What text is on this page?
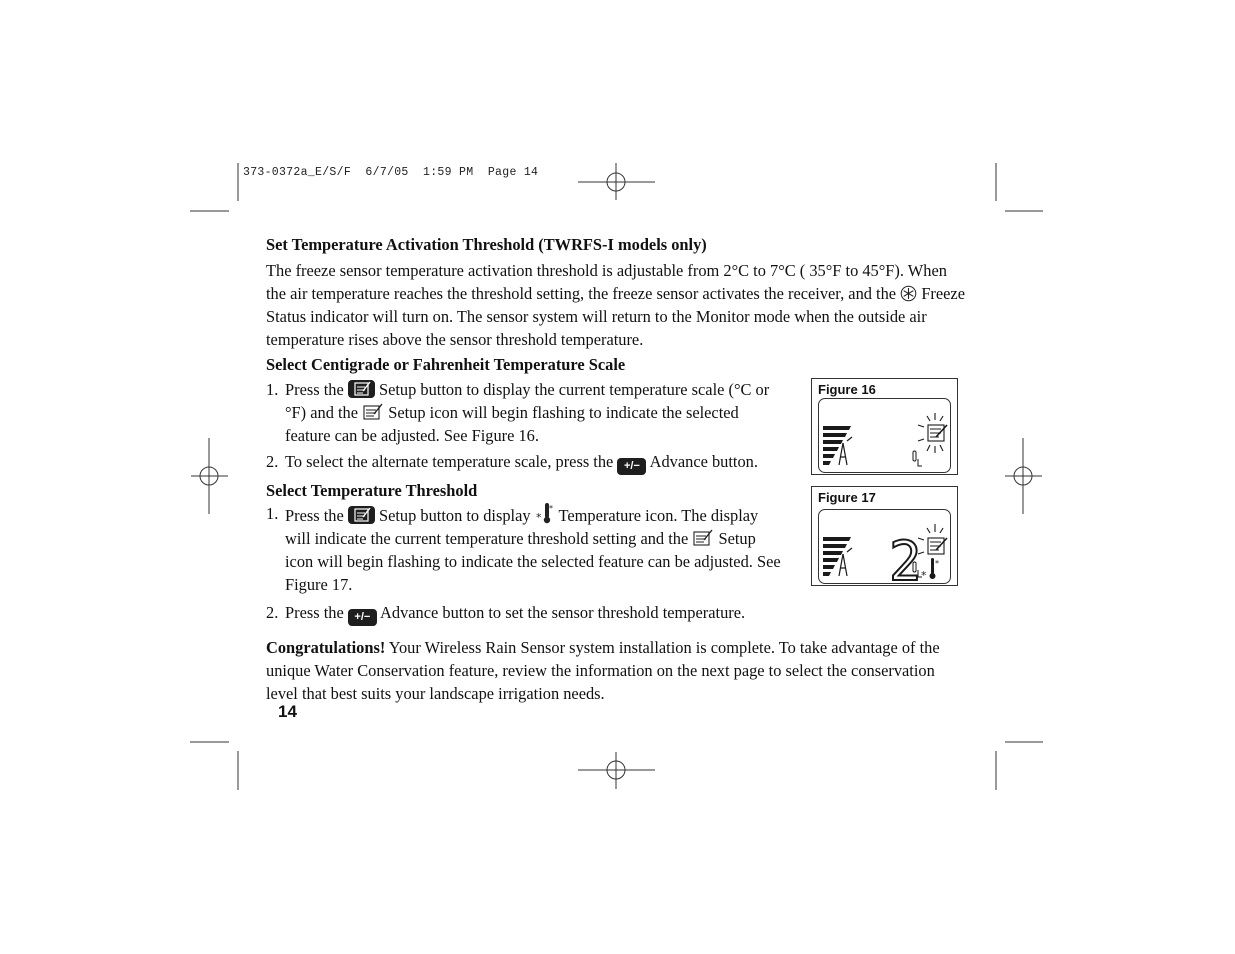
373-0372a_E/S/F  6/7/05  1:59 PM  Page 14
Set Temperature Activation Threshold (TWRFS-I models only)

The freeze sensor temperature activation threshold is adjustable from 2°C to 7°C ( 35°F to 45°F). When the air temperature reaches the threshold setting, the freeze sensor activates the receiver, and the Freeze Status indicator will turn on. The sensor system will return to the Monitor mode when the outside air temperature rises above the sensor threshold temperature.

Select Centigrade or Fahrenheit Temperature Scale
1. Press the Setup button to display the current temperature scale (°C or °F) and the Setup icon will begin flashing to indicate the selected feature can be adjusted. See Figure 16.
2. To select the alternate temperature scale, press the +/− Advance button.
Select Temperature Threshold
1. Press the Setup button to display *
* Temperature icon. The display will indicate the current temperature threshold setting and the Setup icon will begin flashing to indicate the selected feature can be adjusted. See Figure 17.
2. Press the +/− Advance button to set the sensor threshold temperature.

Congratulations! Your Wireless Rain Sensor system installation is complete. To take advantage of the unique Water Conservation feature, review the information on the next page to select the conservation level that best suits your landscape irrigation needs.

Figure 16
Figure 17
2 *
*
14
